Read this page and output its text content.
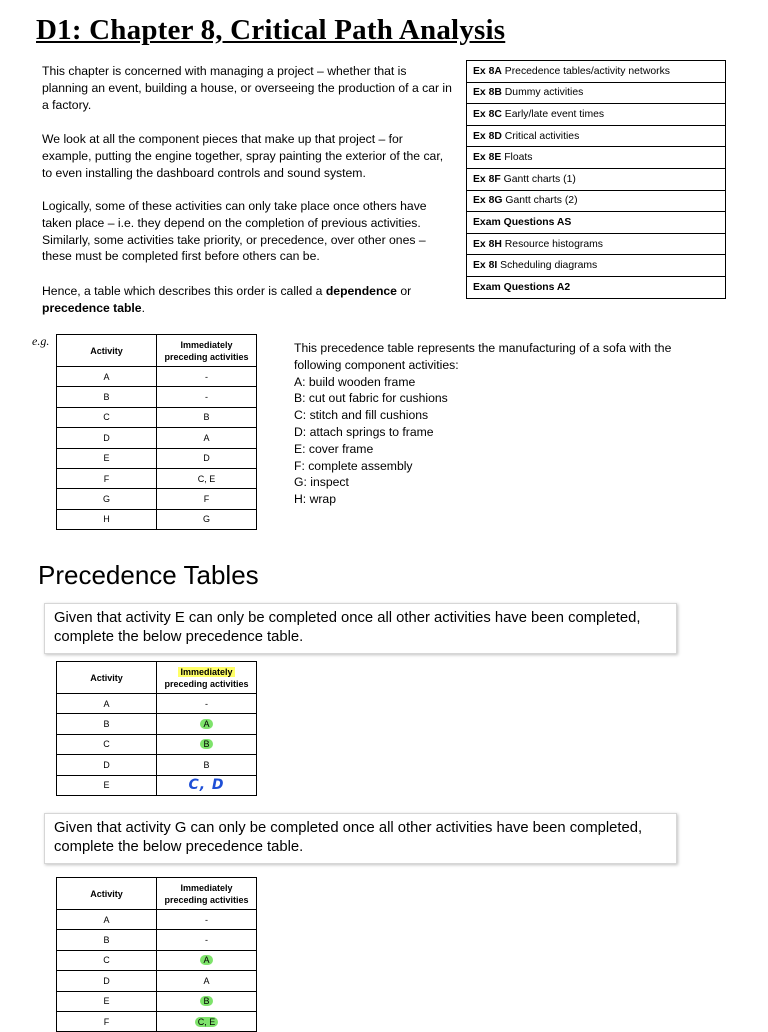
D1: Chapter 8, Critical Path Analysis

This chapter is concerned with managing a project – whether that is planning an event, building a house, or overseeing the production of a car in a factory.

We look at all the component pieces that make up that project – for example, putting the engine together, spray painting the exterior of the car, to even installing the dashboard controls and sound system.

Logically, some of these activities can only take place once others have taken place – i.e. they depend on the completion of previous activities. Similarly, some activities take priority, or precedence, over other ones – these must be completed first before others can be.

Hence, a table which describes this order is called a dependence or precedence table.

Ex 8A Precedence tables/activity networks
Ex 8B Dummy activities
Ex 8C Early/late event times
Ex 8D Critical activities
Ex 8E Floats
Ex 8F Gantt charts (1)
Ex 8G Gantt charts (2)
Exam Questions AS
Ex 8H Resource histograms
Ex 8I Scheduling diagrams
Exam Questions A2
e.g.
Activity	Immediately
preceding activities
A	-
B	-
C	B
D	A
E	D
F	C, E
G	F
H	G
This precedence table represents the manufacturing of a sofa with the following component activities:
A: build wooden frame
B: cut out fabric for cushions
C: stitch and fill cushions
D: attach springs to frame
E: cover frame
F: complete assembly
G: inspect
H: wrap
Precedence Tables
Given that activity E can only be completed once all other activities have been completed, complete the below precedence table.
Activity	Immediately
preceding activities
A	-
B	A
C	B
D	B
E	C, D
Given that activity G can only be completed once all other activities have been completed, complete the below precedence table.
Activity	Immediately
preceding activities
A	-
B	-
C	A
D	A
E	B
F	C, E
